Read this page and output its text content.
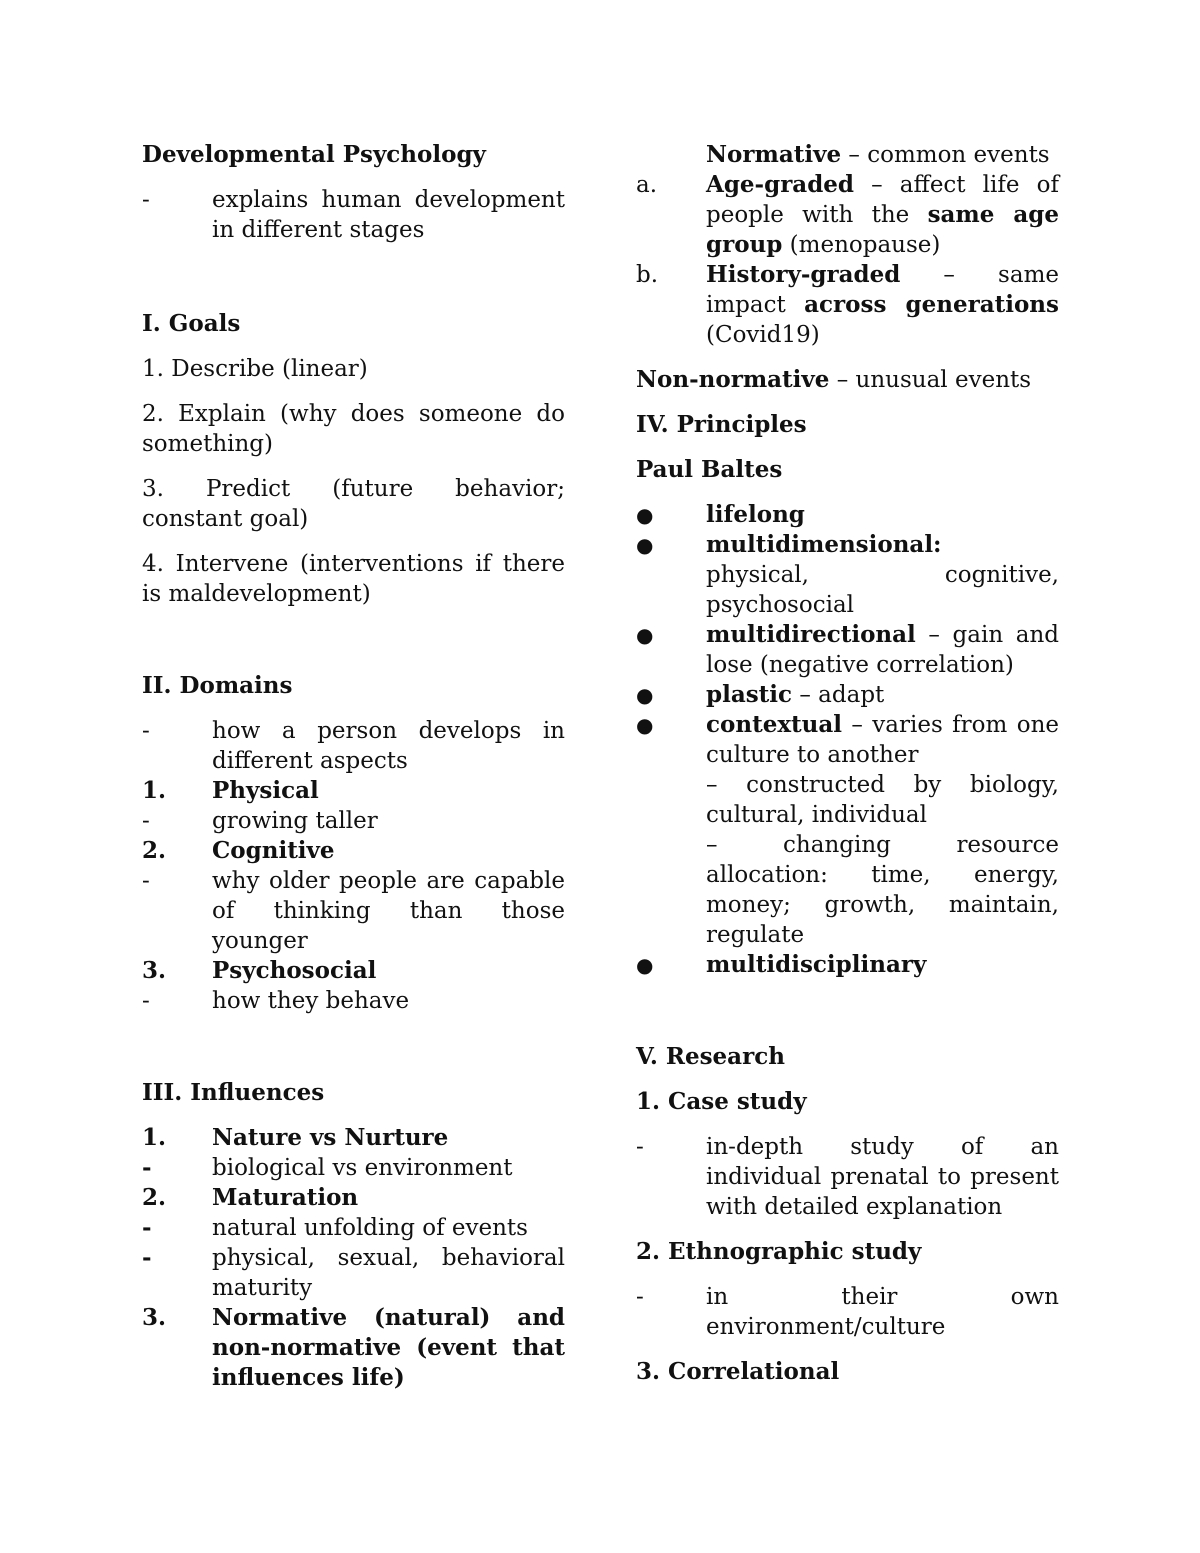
Developmental Psychology

-	explains human development in different stages

I. Goals

1. Describe (linear)

2. Explain (why does someone do something)

3. Predict (future behavior; constant goal)

4. Intervene (interventions if there is maldevelopment)

II. Domains

-	how a person develops in different aspects
1.	Physical
-	growing taller
2.	Cognitive
-	why older people are capable of thinking than those younger
3.	Psychosocial
-	how they behave

III. Influences

1.	Nature vs Nurture
-	biological vs environment
2.	Maturation
-	natural unfolding of events
-	physical, sexual, behavioral maturity
3.	Normative (natural) and non-normative (event that influences life)

Normative – common events

a.	Age-graded – affect life of people with the same age group (menopause)
b.	History-graded – same impact across generations (Covid19)

Non-normative – unusual events

IV. Principles

Paul Baltes

●	lifelong
●	multidimensional:
physical, cognitive, psychosocial
●	multidirectional – gain and lose (negative correlation)
●	plastic – adapt
●	contextual – varies from one culture to another
– constructed by biology, cultural, individual
– changing resource allocation: time, energy, money; growth, maintain, regulate
●	multidisciplinary

V. Research

1. Case study

-	in-depth study of an individual prenatal to present with detailed explanation

2. Ethnographic study

-	in their own environment/culture

3. Correlational
